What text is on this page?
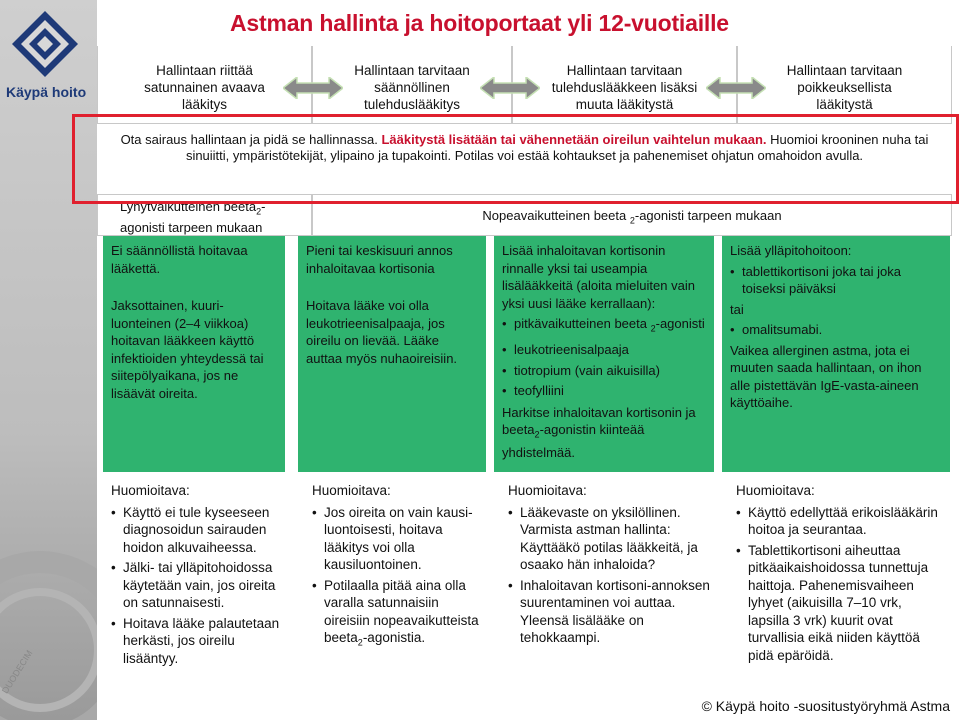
Käypä hoito
DUODECIM
Astman hallinta ja hoitoportaat yli 12-vuotiaille
Hallintaan riittää
satunnainen avaava
lääkitys
Hallintaan tarvitaan
säännöllinen
tulehduslääkitys
Hallintaan tarvitaan
tulehduslääkkeen lisäksi
muuta lääkitystä
Hallintaan tarvitaan
poikkeuksellista
lääkitystä
Ota sairaus hallintaan ja pidä se hallinnassa. Lääkitystä lisätään tai vähennetään oireilun vaihtelun mukaan. Huomioi krooninen nuha tai sinuiitti, ympäristötekijät, ylipaino ja tupakointi. Potilas voi estää kohtaukset ja pahenemiset ohjatun omahoidon avulla.
Lyhytvaikutteinen beeta$_2$-
agonisti tarpeen mukaan
Nopeavaikutteinen beeta $_2$-agonisti tarpeen mukaan

Ei säännöllistä hoitavaa lääkettä.

Jaksottainen, kuuri-luonteinen (2–4 viikkoa) hoitavan lääkkeen käyttö infektioiden yhteydessä tai siitepölyaikana, jos ne lisäävät oireita.

Pieni tai keskisuuri annos inhaloitavaa kortisonia

Hoitava lääke voi olla leukotrieenisalpaaja, jos oireilu on lievää. Lääke auttaa myös nuhaoireisiin.

Lisää inhaloitavan kortisonin rinnalle yksi tai useampia lisälääkkeitä (aloita mieluiten vain yksi uusi lääke kerrallaan):

• pitkävaikutteinen beeta $_2$-agonisti
• leukotrieenisalpaaja
• tiotropium (vain aikuisilla)
• teofylliini

Harkitse inhaloitavan kortisonin ja beeta$_2$-agonistin kiinteää yhdistelmää.

Lisää ylläpitohoitoon:

• tablettikortisoni joka tai joka toiseksi päiväksi

tai

• omalitsumabi.

Vaikea allerginen astma, jota ei muuten saada hallintaan, on ihon alle pistettävän IgE-vasta-aineen käyttöaihe.

Huomioitava:

• Käyttö ei tule kyseeseen diagnosoidun sairauden hoidon alkuvaiheessa.
• Jälki- tai ylläpitohoidossa käytetään vain, jos oireita on satunnaisesti.
• Hoitava lääke palautetaan herkästi, jos oireilu lisääntyy.

Huomioitava:

• Jos oireita on vain kausi-luontoisesti, hoitava lääkitys voi olla kausiluontoinen.
• Potilaalla pitää aina olla varalla satunnaisiin oireisiin nopeavaikutteista beeta$_2$-agonistia.

Huomioitava:

• Lääkevaste on yksilöllinen. Varmista astman hallinta: Käyttääkö potilas lääkkeitä, ja osaako hän inhaloida?
• Inhaloitavan kortisoni-annoksen suurentaminen voi auttaa. Yleensä lisälääke on tehokkaampi.

Huomioitava:

• Käyttö edellyttää erikoislääkärin hoitoa ja seurantaa.
• Tablettikortisoni aiheuttaa pitkäaikaishoidossa tunnettuja haittoja. Pahenemisvaiheen lyhyet (aikuisilla 7–10 vrk, lapsilla 3 vrk) kuurit ovat turvallisia eikä niiden käyttöä pidä epäröidä.
© Käypä hoito -suositustyöryhmä Astma
